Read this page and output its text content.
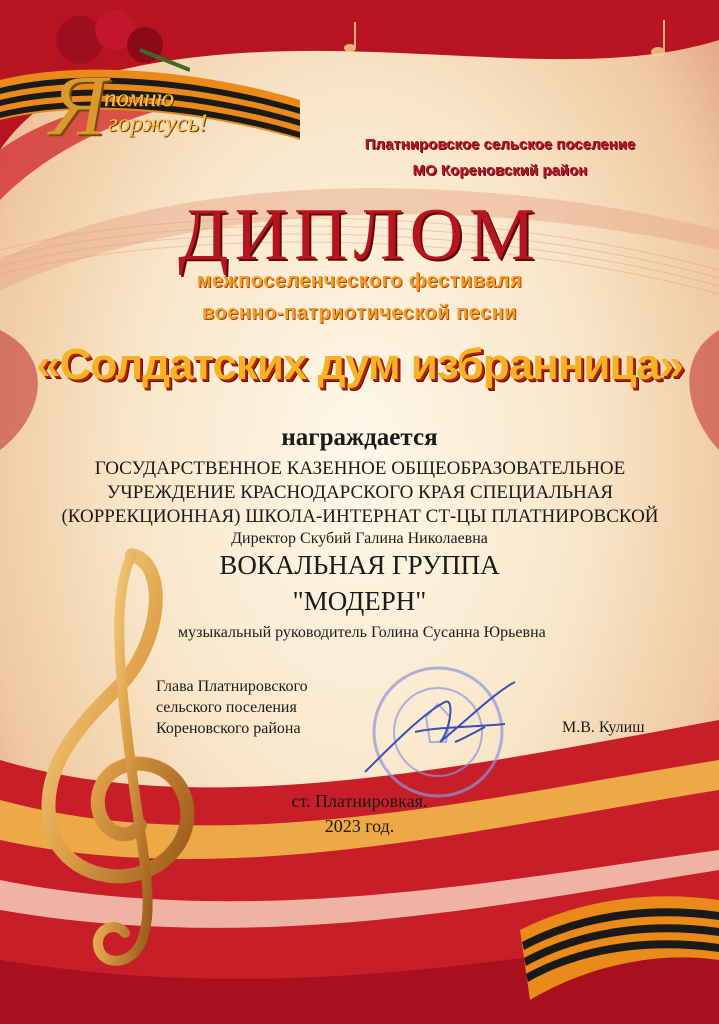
Я
помню
горжусь!
Платнировское сельское поселение
МО Кореновский район
ДИПЛОМ
межпоселенческого фестиваля
военно-патриотической песни
«Солдатских дум избранница»
награждается
ГОСУДАРСТВЕННОЕ КАЗЕННОЕ ОБЩЕОБРАЗОВАТЕЛЬНОЕ УЧРЕЖДЕНИЕ КРАСНОДАРСКОГО КРАЯ СПЕЦИАЛЬНАЯ (КОРРЕКЦИОННАЯ) ШКОЛА-ИНТЕРНАТ СТ-ЦЫ ПЛАТНИРОВСКОЙ
Директор Скубий Галина Николаевна
ВОКАЛЬНАЯ ГРУППА
"МОДЕРН"
музыкальный руководитель Голина Сусанна Юрьевна
Глава Платнировского
сельского поселения
Кореновского района	М.В. Кулиш
ст. Платнировкая.
2023 год.
